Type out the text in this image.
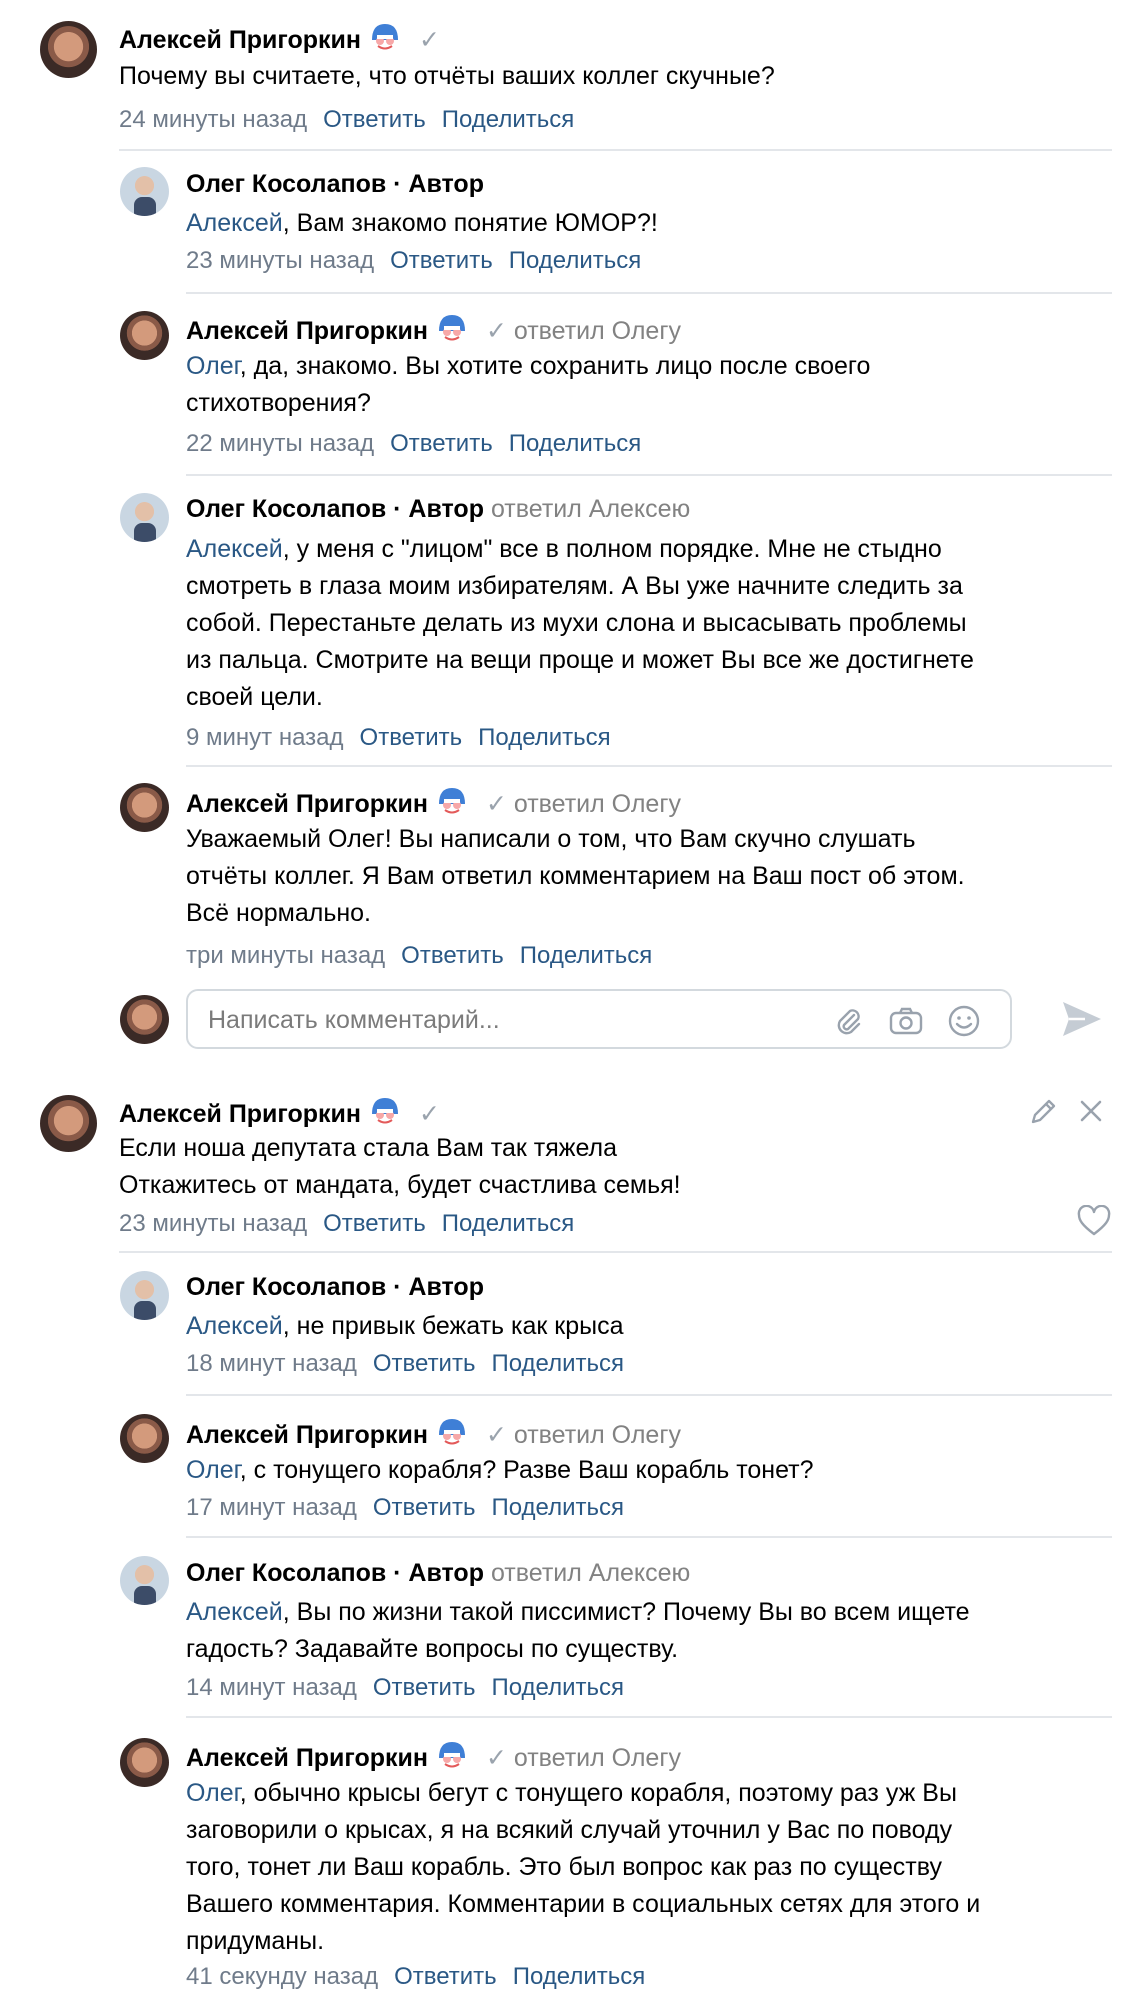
Алексей Пригоркин ✓
Почему вы считаете, что отчёты ваших коллег скучные?
24 минуты назад Ответить Поделиться
Олег Косолапов · Автор
Алексей, Вам знакомо понятие ЮМОР?!
23 минуты назад Ответить Поделиться
Алексей Пригоркин ✓ ответил Олегу
Олег, да, знакомо. Вы хотите сохранить лицо после своего
стихотворения?
22 минуты назад Ответить Поделиться
Олег Косолапов · Автор ответил Алексею
Алексей, у меня с "лицом" все в полном порядке. Мне не стыдно
смотреть в глаза моим избирателям. А Вы уже начните следить за
собой. Перестаньте делать из мухи слона и высасывать проблемы
из пальца. Смотрите на вещи проще и может Вы все же достигнете
своей цели.
9 минут назад Ответить Поделиться
Алексей Пригоркин ✓ ответил Олегу
Уважаемый Олег! Вы написали о том, что Вам скучно слушать
отчёты коллег. Я Вам ответил комментарием на Ваш пост об этом.
Всё нормально.
три минуты назад Ответить Поделиться
Написать комментарий...
Алексей Пригоркин ✓
Если ноша депутата стала Вам так тяжела
Откажитесь от мандата, будет счастлива семья!
23 минуты назад Ответить Поделиться
Олег Косолапов · Автор
Алексей, не привык бежать как крыса
18 минут назад Ответить Поделиться
Алексей Пригоркин ✓ ответил Олегу
Олег, с тонущего корабля? Разве Ваш корабль тонет?
17 минут назад Ответить Поделиться
Олег Косолапов · Автор ответил Алексею
Алексей, Вы по жизни такой писсимист? Почему Вы во всем ищете
гадость? Задавайте вопросы по существу.
14 минут назад Ответить Поделиться
Алексей Пригоркин ✓ ответил Олегу
Олег, обычно крысы бегут с тонущего корабля, поэтому раз уж Вы
заговорили о крысах, я на всякий случай уточнил у Вас по поводу
того, тонет ли Ваш корабль. Это был вопрос как раз по существу
Вашего комментария. Комментарии в социальных сетях для этого и
придуманы.
41 секунду назад Ответить Поделиться
